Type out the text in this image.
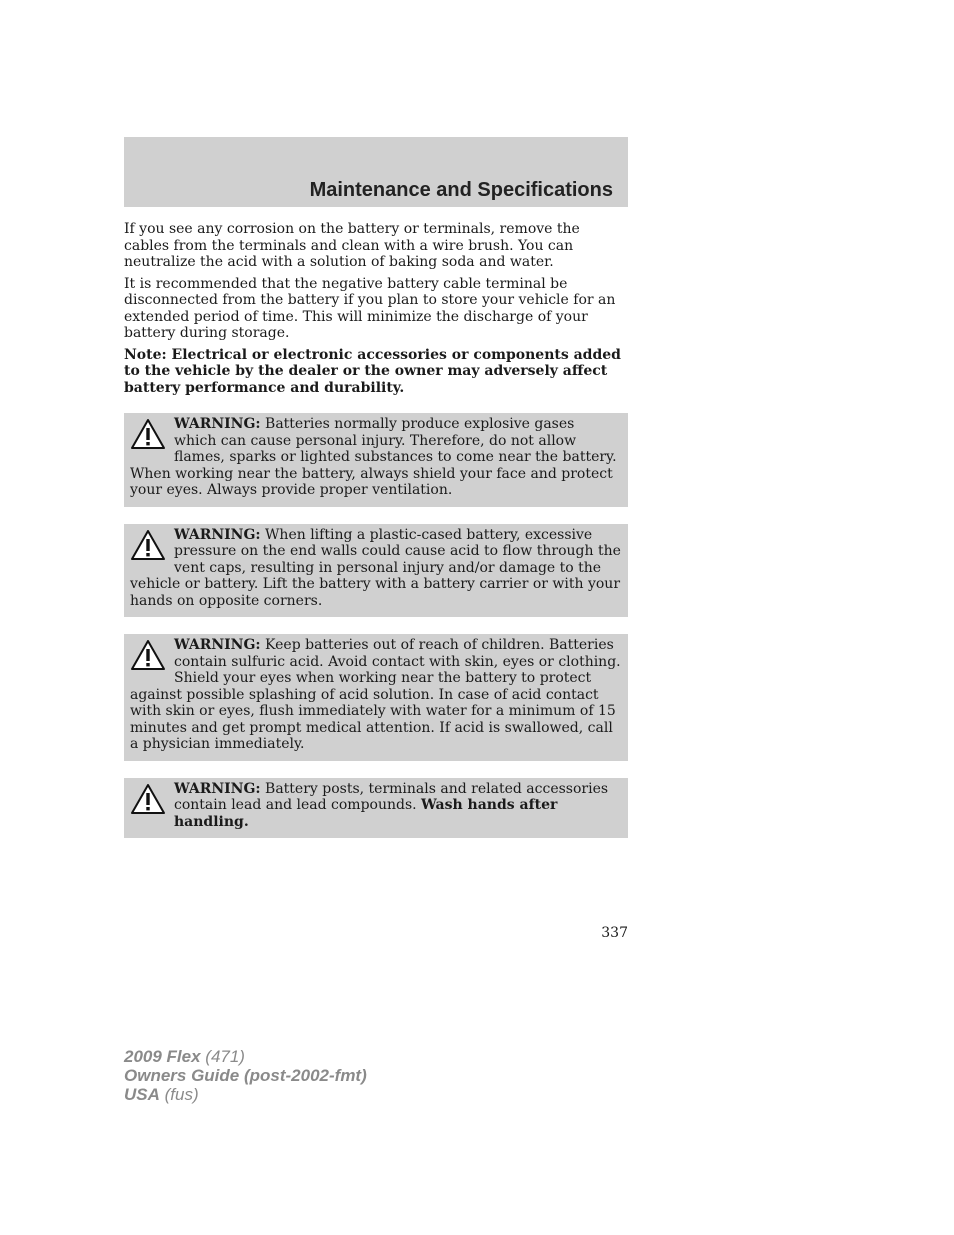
Maintenance and Specifications

If you see any corrosion on the battery or terminals, remove the cables from the terminals and clean with a wire brush. You can neutralize the acid with a solution of baking soda and water.

It is recommended that the negative battery cable terminal be disconnected from the battery if you plan to store your vehicle for an extended period of time. This will minimize the discharge of your battery during storage.

Note: Electrical or electronic accessories or components added to the vehicle by the dealer or the owner may adversely affect battery performance and durability.

WARNING: Batteries normally produce explosive gases which can cause personal injury. Therefore, do not allow flames, sparks or lighted substances to come near the battery. When working near the battery, always shield your face and protect your eyes. Always provide proper ventilation.
WARNING: When lifting a plastic-cased battery, excessive pressure on the end walls could cause acid to flow through the vent caps, resulting in personal injury and/or damage to the vehicle or battery. Lift the battery with a battery carrier or with your hands on opposite corners.
WARNING: Keep batteries out of reach of children. Batteries contain sulfuric acid. Avoid contact with skin, eyes or clothing. Shield your eyes when working near the battery to protect against possible splashing of acid solution. In case of acid contact with skin or eyes, flush immediately with water for a minimum of 15 minutes and get prompt medical attention. If acid is swallowed, call a physician immediately.
WARNING: Battery posts, terminals and related accessories contain lead and lead compounds. Wash hands after handling.
337
2009 Flex (471)
Owners Guide (post-2002-fmt)
USA (fus)
